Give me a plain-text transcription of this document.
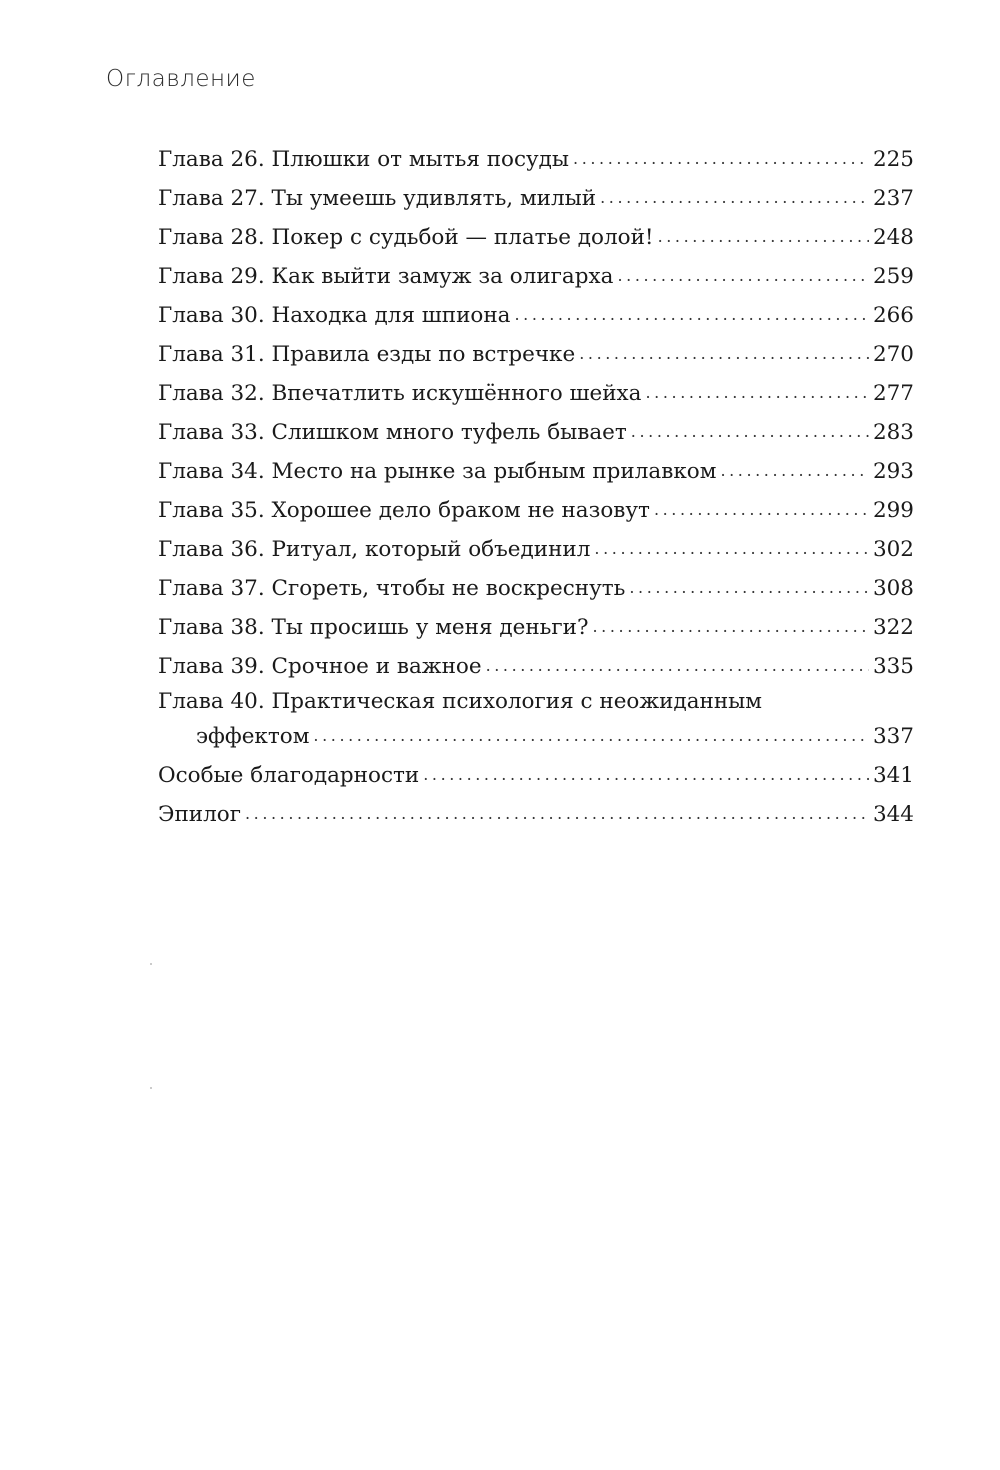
Оглавление
Глава 26. Плюшки от мытья посуды . . .	225
Глава 27. Ты умеешь удивлять, милый . . .	237
Глава 28. Покер с судьбой — платье долой! . . .	248
Глава 29. Как выйти замуж за олигарха . . .	259
Глава 30. Находка для шпиона . . .	266
Глава 31. Правила езды по встречке . . .	270
Глава 32. Впечатлить искушённого шейха . . .	277
Глава 33. Слишком много туфель бывает . . .	283
Глава 34. Место на рынке за рыбным прилавком . . .	293
Глава 35. Хорошее дело браком не назовут . . .	299
Глава 36. Ритуал, который объединил . . .	302
Глава 37. Сгореть, чтобы не воскреснуть . . .	308
Глава 38. Ты просишь у меня деньги? . . .	322
Глава 39. Срочное и важное . . .	335
Глава 40. Практическая психология с неожиданным
эффектом . . .	337
Особые благодарности . . .	341
Эпилог . . .	344
